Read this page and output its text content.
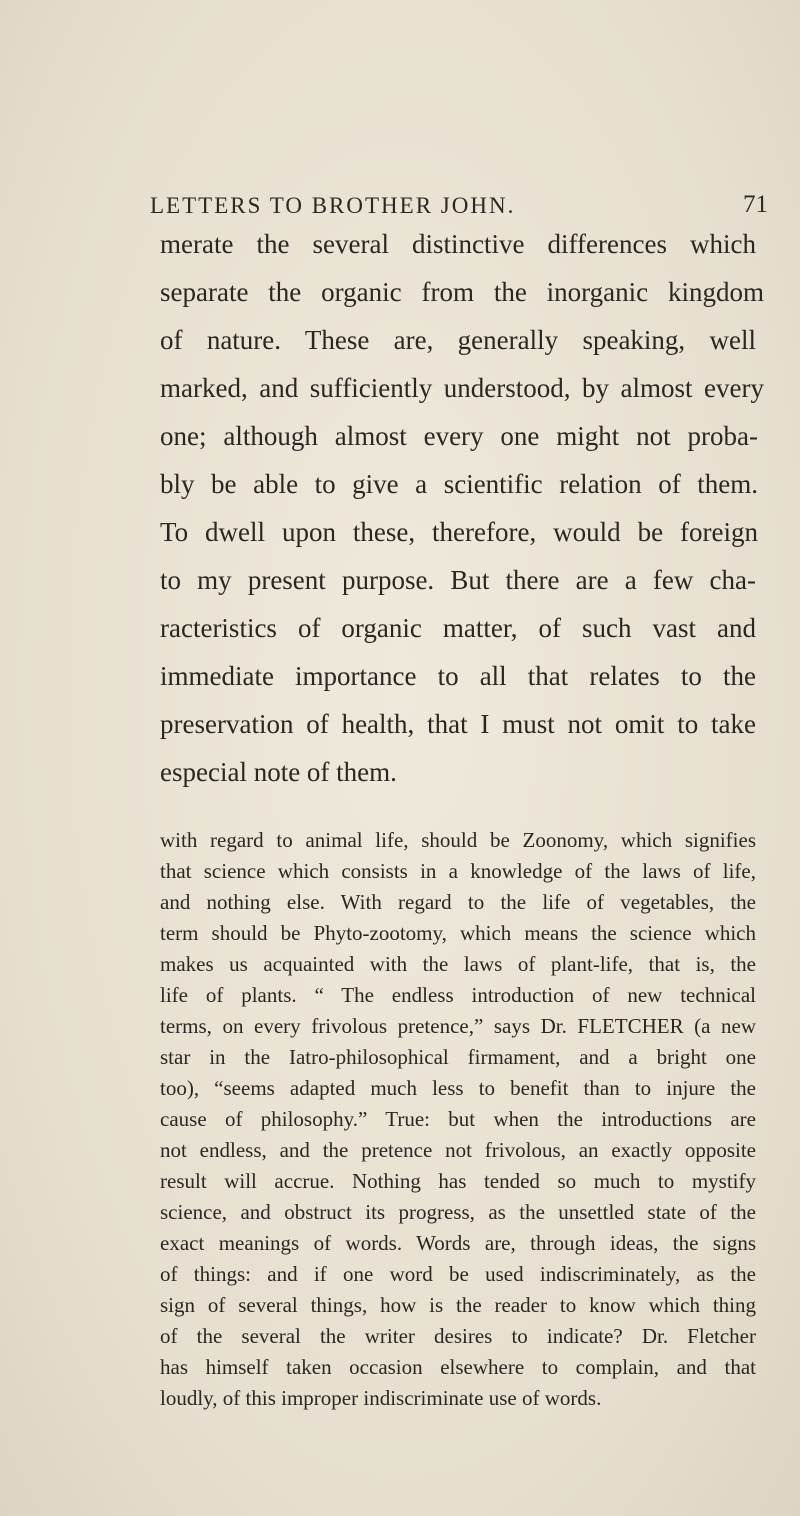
LETTERS TO BROTHER JOHN.	71
merate the several distinctive differences which
separate the organic from the inorganic kingdom
of nature. These are, generally speaking, well
marked, and sufficiently understood, by almost every
one; although almost every one might not proba-
bly be able to give a scientific relation of them.
To dwell upon these, therefore, would be foreign
to my present purpose. But there are a few cha-
racteristics of organic matter, of such vast and
immediate importance to all that relates to the
preservation of health, that I must not omit to take
especial note of them.
with regard to animal life, should be Zoonomy, which signifies
that science which consists in a knowledge of the laws of life,
and nothing else. With regard to the life of vegetables, the
term should be Phyto-zootomy, which means the science which
makes us acquainted with the laws of plant-life, that is, the
life of plants. “ The endless introduction of new technical
terms, on every frivolous pretence,” says Dr. FLETCHER (a new
star in the Iatro-philosophical firmament, and a bright one
too), “seems adapted much less to benefit than to injure the
cause of philosophy.” True: but when the introductions are
not endless, and the pretence not frivolous, an exactly opposite
result will accrue. Nothing has tended so much to mystify
science, and obstruct its progress, as the unsettled state of the
exact meanings of words. Words are, through ideas, the signs
of things: and if one word be used indiscriminately, as the
sign of several things, how is the reader to know which thing
of the several the writer desires to indicate? Dr. Fletcher
has himself taken occasion elsewhere to complain, and that
loudly, of this improper indiscriminate use of words.
